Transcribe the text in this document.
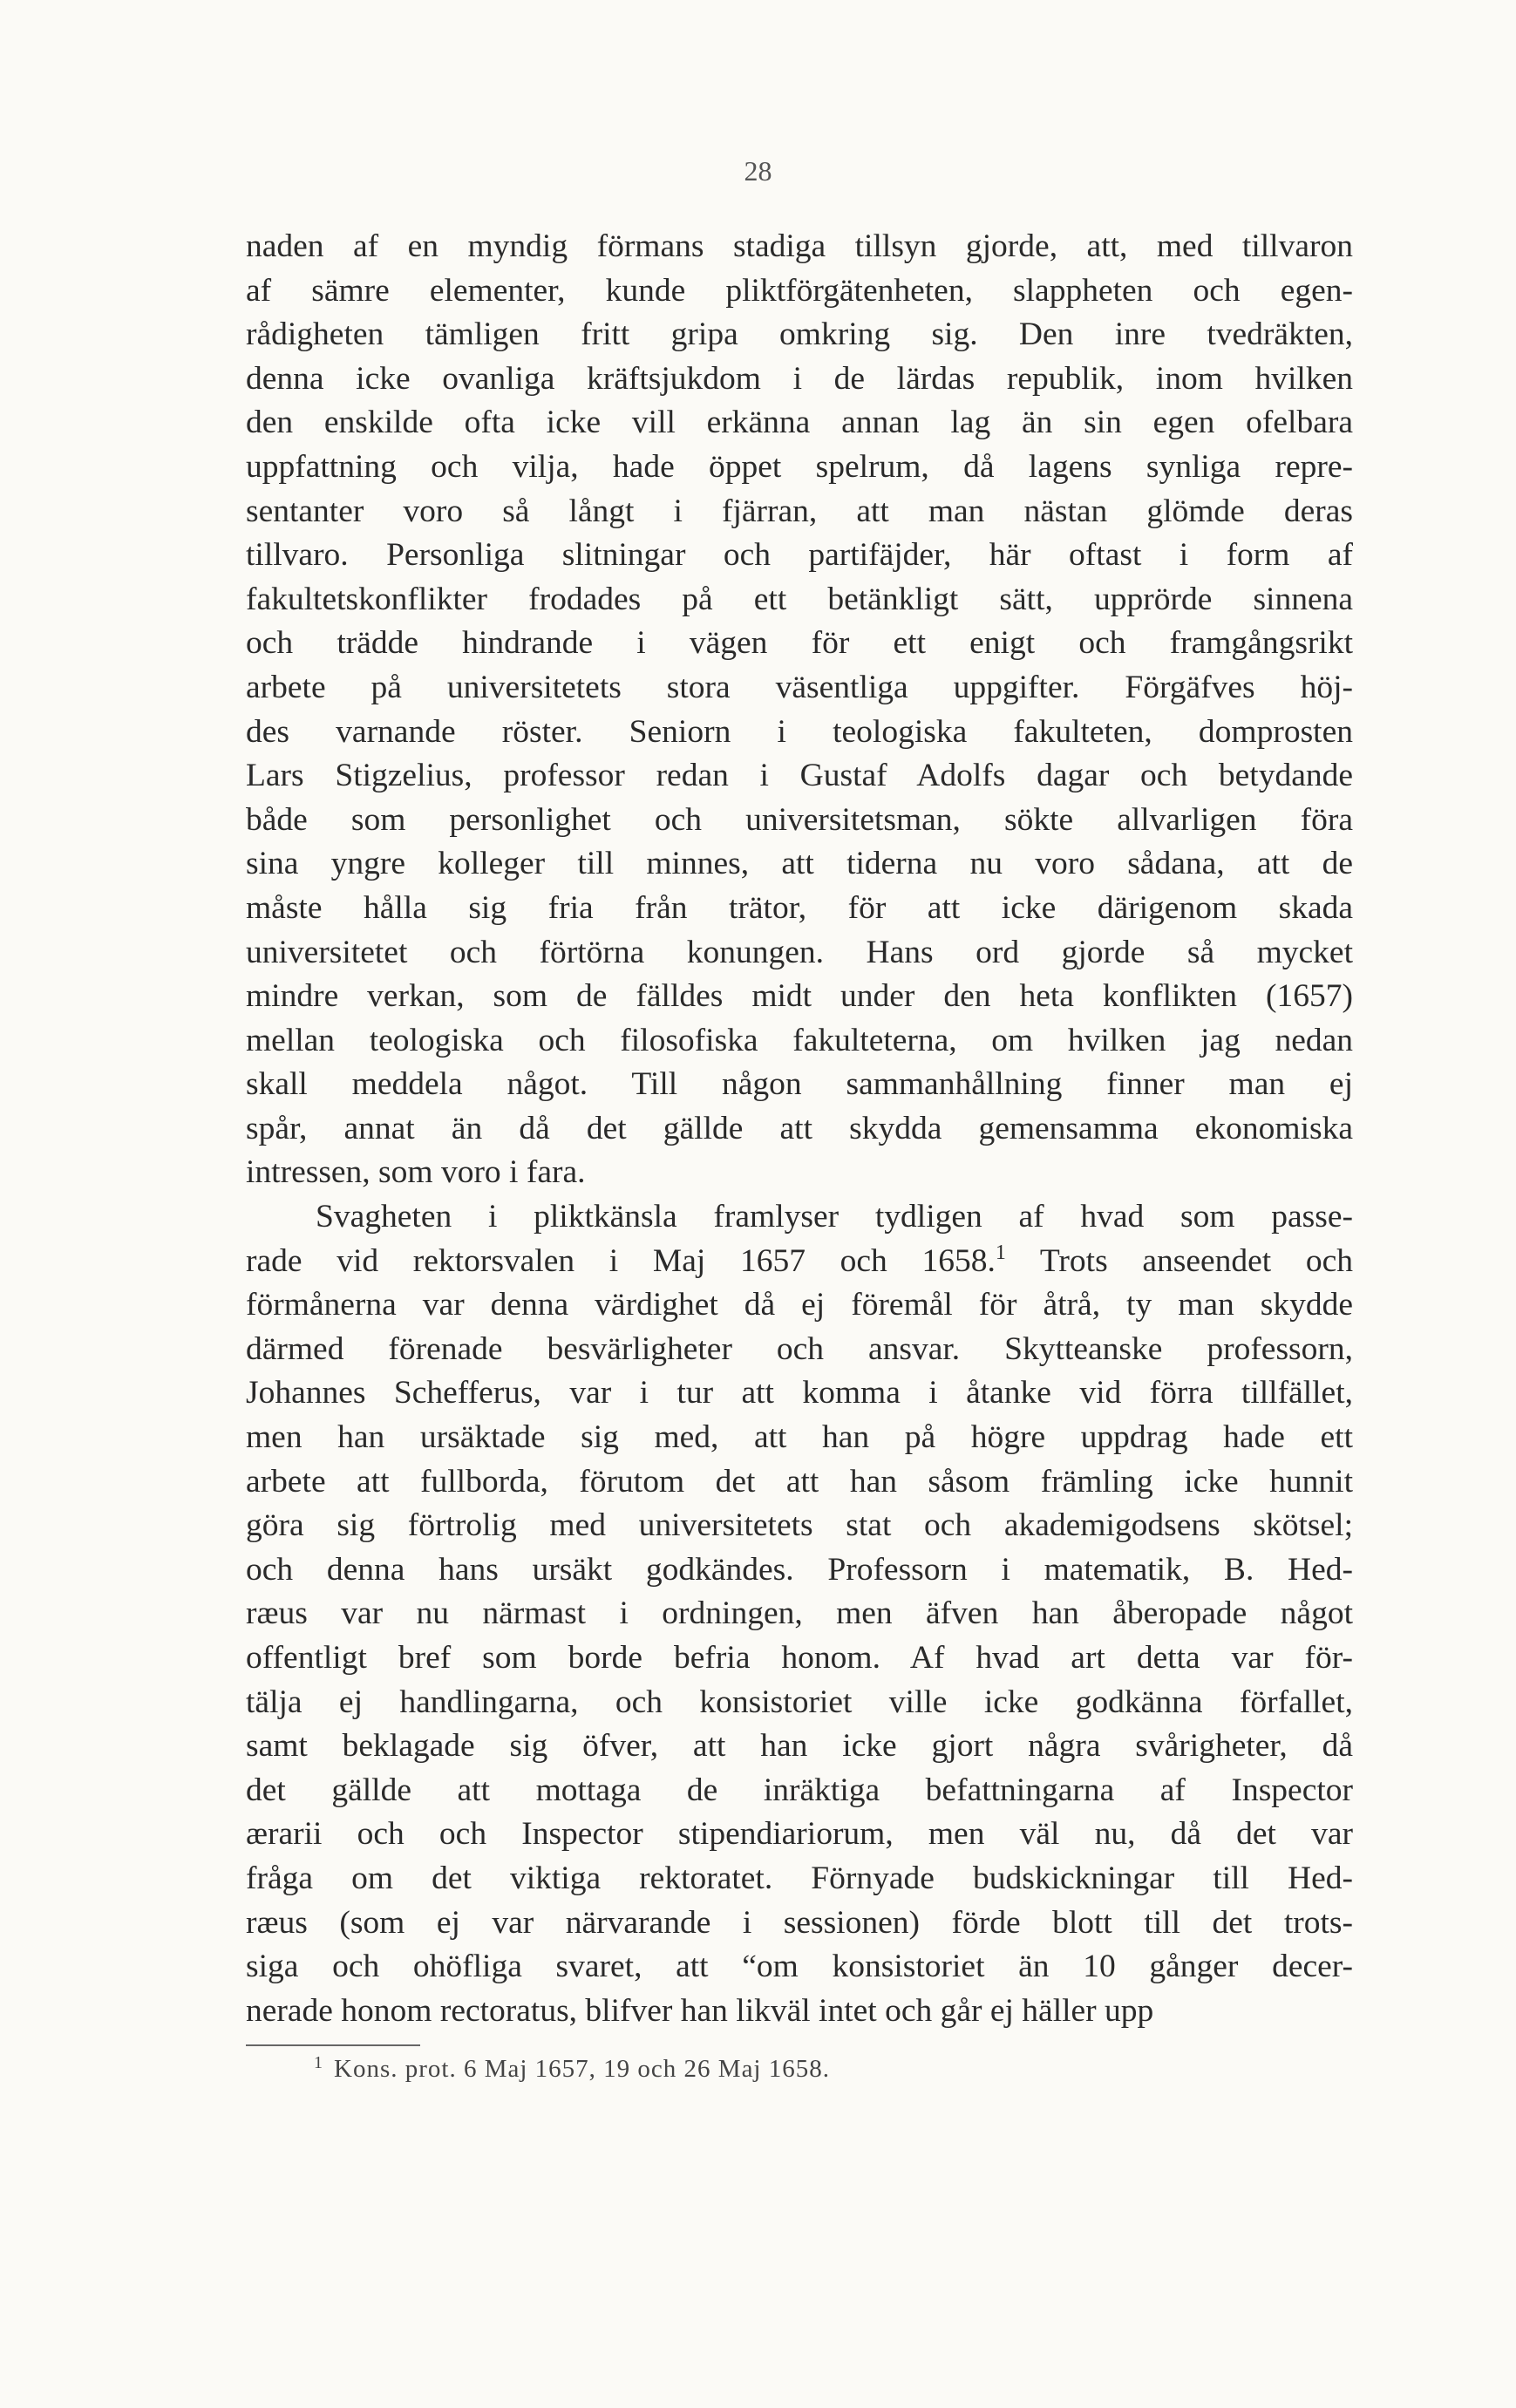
28
naden af en myndig förmans stadiga tillsyn gjorde, att, med tillvaron
af sämre elementer, kunde pliktförgätenheten, slappheten och egen-
rådigheten tämligen fritt gripa omkring sig. Den inre tvedräkten,
denna icke ovanliga kräftsjukdom i de lärdas republik, inom hvilken
den enskilde ofta icke vill erkänna annan lag än sin egen ofelbara
uppfattning och vilja, hade öppet spelrum, då lagens synliga repre-
sentanter voro så långt i fjärran, att man nästan glömde deras
tillvaro. Personliga slitningar och partifäjder, här oftast i form af
fakultetskonflikter frodades på ett betänkligt sätt, upprörde sinnena
och trädde hindrande i vägen för ett enigt och framgångsrikt
arbete på universitetets stora väsentliga uppgifter. Förgäfves höj-
des varnande röster. Seniorn i teologiska fakulteten, domprosten
Lars Stigzelius, professor redan i Gustaf Adolfs dagar och betydande
både som personlighet och universitetsman, sökte allvarligen föra
sina yngre kolleger till minnes, att tiderna nu voro sådana, att de
måste hålla sig fria från trätor, för att icke därigenom skada
universitetet och förtörna konungen. Hans ord gjorde så mycket
mindre verkan, som de fälldes midt under den heta konflikten (1657)
mellan teologiska och filosofiska fakulteterna, om hvilken jag nedan
skall meddela något. Till någon sammanhållning finner man ej
spår, annat än då det gällde att skydda gemensamma ekonomiska
intressen, som voro i fara.
Svagheten i pliktkänsla framlyser tydligen af hvad som passe-
rade vid rektorsvalen i Maj 1657 och 1658.$^1$ Trots anseendet och
förmånerna var denna värdighet då ej föremål för åtrå, ty man skydde
därmed förenade besvärligheter och ansvar. Skytteanske professorn,
Johannes Schefferus, var i tur att komma i åtanke vid förra tillfället,
men han ursäktade sig med, att han på högre uppdrag hade ett
arbete att fullborda, förutom det att han såsom främling icke hunnit
göra sig förtrolig med universitetets stat och akademigodsens skötsel;
och denna hans ursäkt godkändes. Professorn i matematik, B. Hed-
ræus var nu närmast i ordningen, men äfven han åberopade något
offentligt bref som borde befria honom. Af hvad art detta var för-
tälja ej handlingarna, och konsistoriet ville icke godkänna förfallet,
samt beklagade sig öfver, att han icke gjort några svårigheter, då
det gällde att mottaga de inräktiga befattningarna af Inspector
ærarii och och Inspector stipendiariorum, men väl nu, då det var
fråga om det viktiga rektoratet. Förnyade budskickningar till Hed-
ræus (som ej var närvarande i sessionen) förde blott till det trots-
siga och ohöfliga svaret, att “om konsistoriet än 10 gånger decer-
nerade honom rectoratus, blifver han likväl intet och går ej häller upp
$^1$ Kons. prot. 6 Maj 1657, 19 och 26 Maj 1658.
